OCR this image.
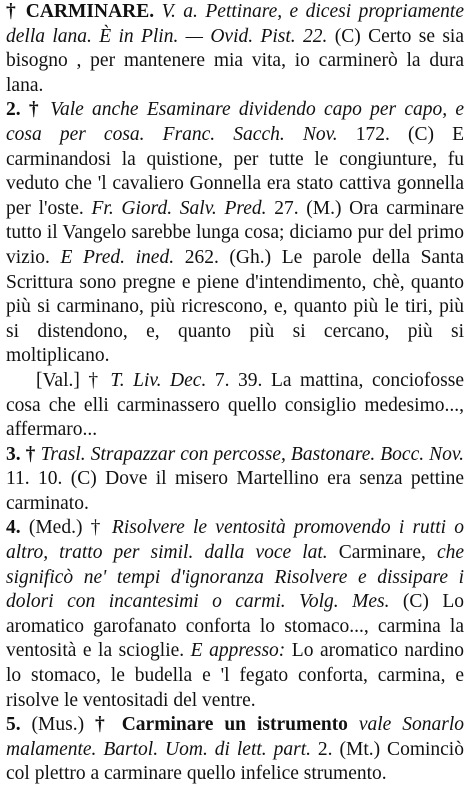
† CARMINARE. V. a. Pettinare, e dicesi propriamente della lana. È in Plin. — Ovid. Pist. 22. (C) Certo se sia bisogno , per mantenere mia vita, io carminerò la dura lana.

2. † Vale anche Esaminare dividendo capo per capo, e cosa per cosa. Franc. Sacch. Nov. 172. (C) E carminandosi la quistione, per tutte le congiunture, fu veduto che 'l cavaliero Gonnella era stato cattiva gonnella per l'oste. Fr. Giord. Salv. Pred. 27. (M.) Ora carminare tutto il Vangelo sarebbe lunga cosa; diciamo pur del primo vizio. E Pred. ined. 262. (Gh.) Le parole della Santa Scrittura sono pregne e piene d'intendimento, chè, quanto più si carminano, più ricrescono, e, quanto più le tiri, più si distendono, e, quanto più si cercano, più si moltiplicano.

[Val.] † T. Liv. Dec. 7. 39. La mattina, conciofosse cosa che elli carminassero quello consiglio medesimo..., affermaro...

3. † Trasl. Strapazzar con percosse, Bastonare. Bocc. Nov. 11. 10. (C) Dove il misero Martellino era senza pettine carminato.

4. (Med.) † Risolvere le ventosità promovendo i rutti o altro, tratto per simil. dalla voce lat. Carminare, che significò ne' tempi d'ignoranza Risolvere e dissipare i dolori con incantesimi o carmi. Volg. Mes. (C) Lo aromatico garofanato conforta lo stomaco..., carmina la ventosità e la scioglie. E appresso: Lo aromatico nardino lo stomaco, le budella e 'l fegato conforta, carmina, e risolve le ventositadi del ventre.

5. (Mus.) † Carminare un istrumento vale Sonarlo malamente. Bartol. Uom. di lett. part. 2. (Mt.) Cominciò col plettro a carminare quello infelice strumento.
